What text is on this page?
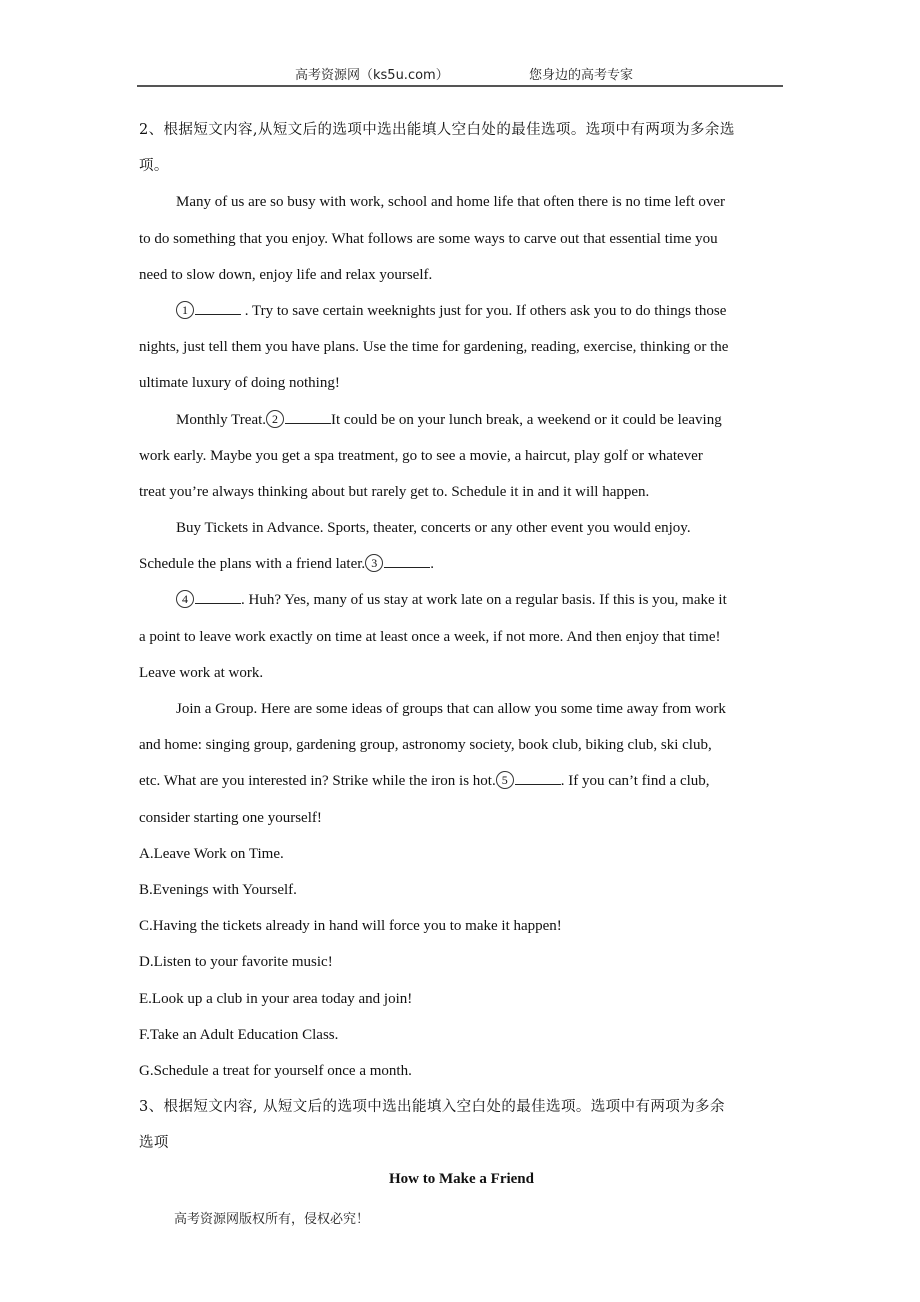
高考资源网（ks5u.com）	您身边的高考专家
2、根据短文内容,从短文后的选项中选出能填人空白处的最佳选项。选项中有两项为多余选
项。
Many of us are so busy with work, school and home life that often there is no time left over
to do something that you enjoy. What follows are some ways to carve out that essential time you
need to slow down, enjoy life and relax yourself.
1	. Try to save certain weeknights just for you. If others ask you to do things those
nights, just tell them you have plans. Use the time for gardening, reading, exercise, thinking or the
ultimate luxury of doing nothing!
Monthly Treat. 2	It could be on your lunch break, a weekend or it could be leaving
work early. Maybe you get a spa treatment, go to see a movie, a haircut, play golf or whatever
treat you’re always thinking about but rarely get to. Schedule it in and it will happen.
Buy Tickets in Advance. Sports, theater, concerts or any other event you would enjoy.
Schedule the plans with a friend later. 3	.
4	. Huh? Yes, many of us stay at work late on a regular basis. If this is you, make it
a point to leave work exactly on time at least once a week, if not more. And then enjoy that time!
Leave work at work.
Join a Group. Here are some ideas of groups that can allow you some time away from work
and home: singing group, gardening group, astronomy society, book club, biking club, ski club,
etc. What are you interested in? Strike while the iron is hot. 5	. If you can’t find a club,
consider starting one yourself!
A.Leave Work on Time.
B.Evenings with Yourself.
C.Having the tickets already in hand will force you to make it happen!
D.Listen to your favorite music!
E.Look up a club in your area today and join!
F.Take an Adult Education Class.
G.Schedule a treat for yourself once a month.
3、根据短文内容, 从短文后的选项中选出能填入空白处的最佳选项。选项中有两项为多余
选项
How to Make a Friend
高考资源网版权所有，侵权必究！
